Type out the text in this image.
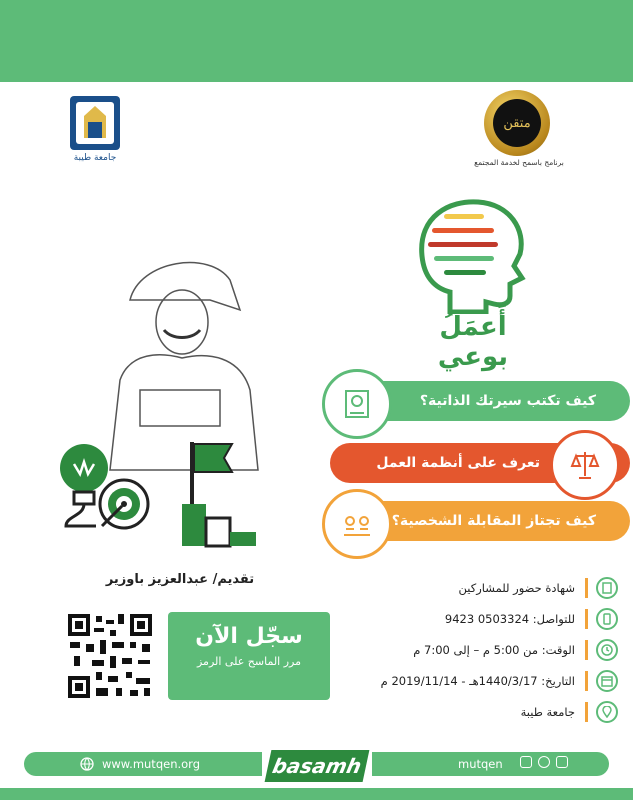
جامعة طيبة
متقن
برنامج باسمح لخدمة المجتمع
أَعمَلُ بوعي
كيف تكتب سيرتك الذاتية؟
تعرف على أنظمة العمل
كيف تجتاز المقابلة الشخصية؟
تقديم/ عبدالعزيز باوزير
سجّل الآن
مرر الماسح على الرمز
شهادة حضور للمشاركين
للتواصل: 0503324 9423
الوقت: من 5:00 م – إلى 7:00 م
التاريخ: 1440/3/17هـ - 2019/11/14 م
جامعة طيبة
www.mutqen.org	mutqen
basamh
